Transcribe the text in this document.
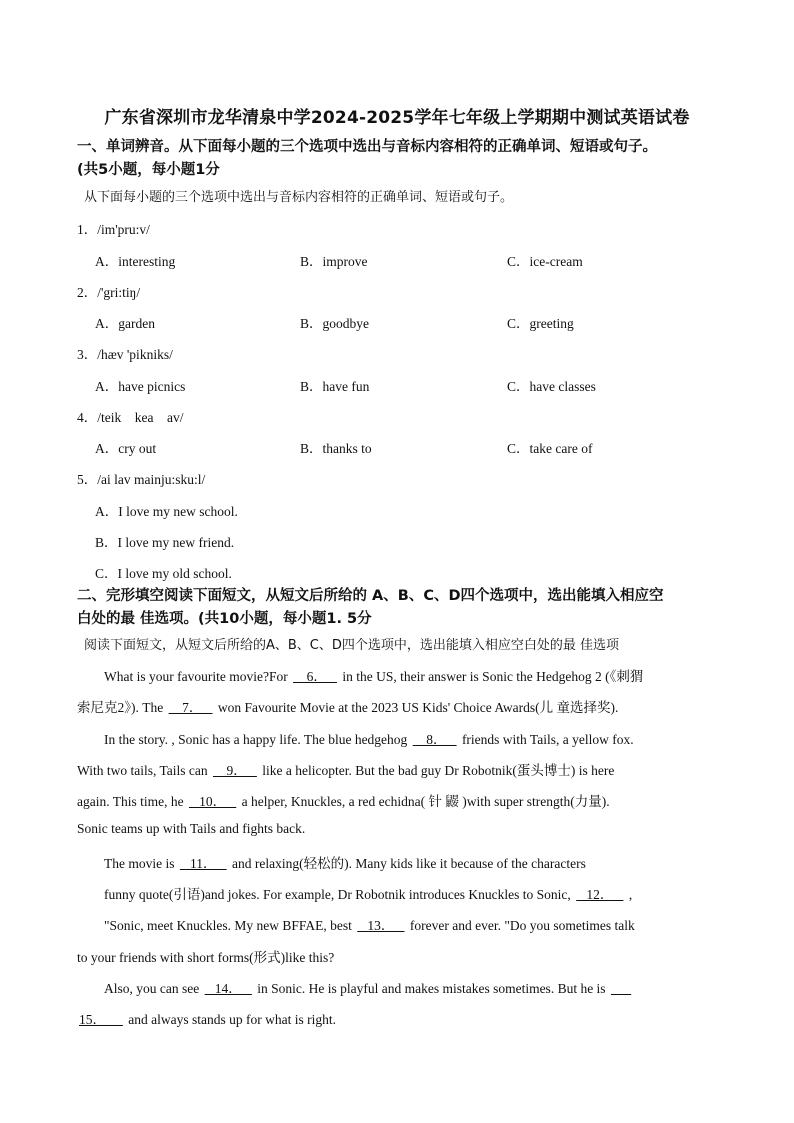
广东省深圳市龙华清泉中学2024-2025学年七年级上学期期中测试英语试卷
一、单词辨音。从下面每小题的三个选项中选出与音标内容相符的正确单词、短语或句子。
(共5小题，每小题1分
从下面每小题的三个选项中选出与音标内容相符的正确单词、短语或句子。
1．/im'pru:v/
A．interesting	B．improve	C．ice-cream
2．/'gri:tiŋ/
A．garden	B．goodbye	C．greeting
3．/hæv 'pikniks/
A．have picnics	B．have fun	C．have classes
4．/teik    kea    av/
A．cry out	B．thanks to	C．take care of
5．/ai lav mainju:sku:l/
A．I love my new school.
B．I love my new friend.
C．I love my old school.
二、完形填空阅读下面短文，从短文后所给的 A、B、C、D四个选项中，选出能填入相应空
白处的最 佳选项。(共10小题，每小题1. 5分
阅读下面短文，从短文后所给的A、B、C、D四个选项中，选出能填入相应空白处的最 佳选项
What is your favourite movie?For     6．    in the US, their answer is Sonic the Hedgehog 2 (《刺猬
索尼克2》). The     7．    won Favourite Movie at the 2023 US Kids' Choice Awards(儿 童选择奖).
In the story. , Sonic has a happy life. The blue hedgehog     8．    friends with Tails, a yellow fox.
With two tails, Tails can     9．    like a helicopter. But the bad guy Dr Robotnik(蛋头博士) is here
again. This time, he    10．    a helper, Knuckles, a red echidna( 针 鼹 )with super strength(力量).
Sonic teams up with Tails and fights back.
The movie is    11．    and relaxing(轻松的). Many kids like it because of the characters
funny quote(引语)and jokes. For example, Dr Robotnik introduces Knuckles to Sonic,    12．    ,
"Sonic, meet Knuckles. My new BFFAE, best    13．    forever and ever. "Do you sometimes talk
to your friends with short forms(形式)like this?
Also, you can see    14．    in Sonic. He is playful and makes mistakes sometimes. But he is
15．      and always stands up for what is right.
